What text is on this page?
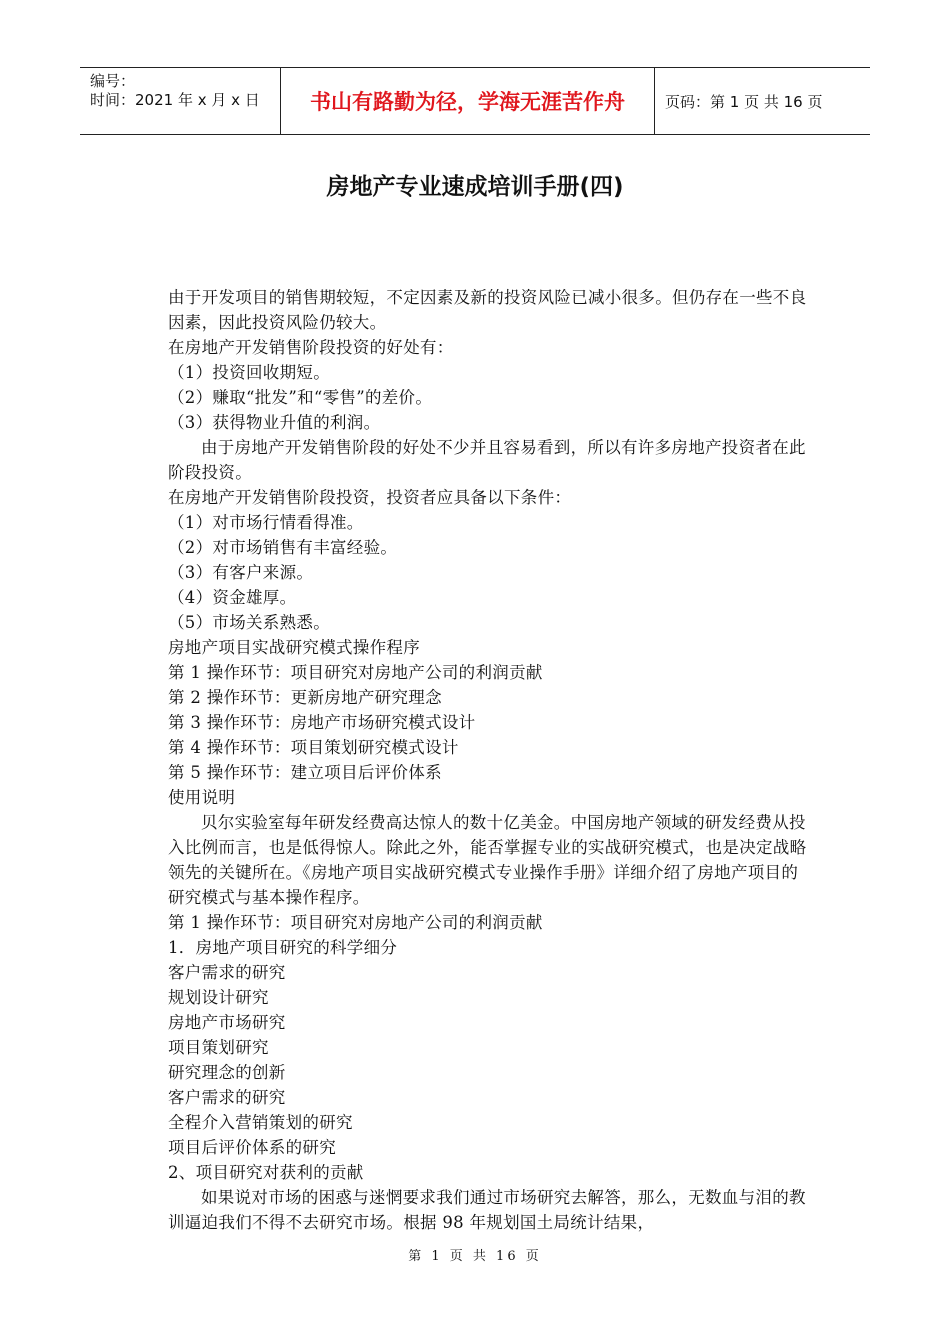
编号：
时间：2021 年 x 月 x 日	书山有路勤为径，学海无涯苦作舟	页码：第 1 页 共 16 页
房地产专业速成培训手册(四)

由于开发项目的销售期较短，不定因素及新的投资风险已减小很多。但仍存在一些不良因素，因此投资风险仍较大。

在房地产开发销售阶段投资的好处有：

（1）投资回收期短。

（2）赚取“批发”和“零售”的差价。

（3）获得物业升值的利润。

由于房地产开发销售阶段的好处不少并且容易看到，所以有许多房地产投资者在此阶段投资。

在房地产开发销售阶段投资，投资者应具备以下条件：

（1）对市场行情看得准。

（2）对市场销售有丰富经验。

（3）有客户来源。

（4）资金雄厚。

（5）市场关系熟悉。

房地产项目实战研究模式操作程序

第 1 操作环节：项目研究对房地产公司的利润贡献

第 2 操作环节：更新房地产研究理念

第 3 操作环节：房地产市场研究模式设计

第 4 操作环节：项目策划研究模式设计

第 5 操作环节：建立项目后评价体系

使用说明

贝尔实验室每年研发经费高达惊人的数十亿美金。中国房地产领域的研发经费从投入比例而言，也是低得惊人。除此之外，能否掌握专业的实战研究模式，也是决定战略领先的关键所在。《房地产项目实战研究模式专业操作手册》详细介绍了房地产项目的研究模式与基本操作程序。

第 1 操作环节：项目研究对房地产公司的利润贡献

1．房地产项目研究的科学细分

客户需求的研究

规划设计研究

房地产市场研究

项目策划研究

研究理念的创新

客户需求的研究

全程介入营销策划的研究

项目后评价体系的研究

2、项目研究对获利的贡献

如果说对市场的困惑与迷惘要求我们通过市场研究去解答，那么，无数血与泪的教训逼迫我们不得不去研究市场。根据 98 年规划国土局统计结果，

第 1 页 共 16 页
